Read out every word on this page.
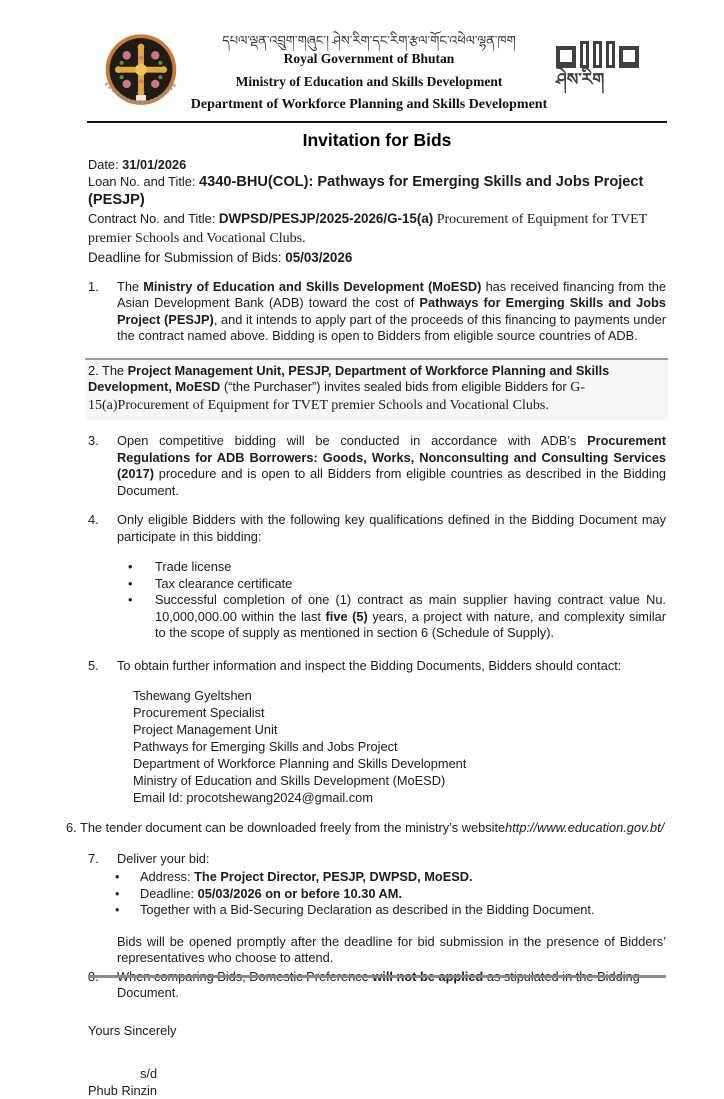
དཔལ་ལྡན་འབྲུག་གཞུང་། ཤེས་རིག་དང་རིག་རྩལ་གོང་འཕེལ་ལྷན་ཁག
Royal Government of Bhutan
Ministry of Education and Skills Development
Department of Workforce Planning and Skills Development
ཤེས་རིག
Invitation for Bids
Date: 31/01/2026
Loan No. and Title: 4340-BHU(COL): Pathways for Emerging Skills and Jobs Project (PESJP)
Contract No. and Title: DWPSD/PESJP/2025-2026/G-15(a) Procurement of Equipment for TVET premier Schools and Vocational Clubs.
Deadline for Submission of Bids: 05/03/2026
1.	The Ministry of Education and Skills Development (MoESD) has received financing from the Asian Development Bank (ADB) toward the cost of Pathways for Emerging Skills and Jobs Project (PESJP), and it intends to apply part of the proceeds of this financing to payments under the contract named above. Bidding is open to Bidders from eligible source countries of ADB.
2. The Project Management Unit, PESJP, Department of Workforce Planning and Skills Development, MoESD (“the Purchaser”) invites sealed bids from eligible Bidders for G-15(a)Procurement of Equipment for TVET premier Schools and Vocational Clubs.
3.	Open competitive bidding will be conducted in accordance with ADB’s Procurement Regulations for ADB Borrowers: Goods, Works, Nonconsulting and Consulting Services (2017) procedure and is open to all Bidders from eligible countries as described in the Bidding Document.
4.	Only eligible Bidders with the following key qualifications defined in the Bidding Document may participate in this bidding:
•	Trade license
•	Tax clearance certificate
•	Successful completion of one (1) contract as main supplier having contract value Nu. 10,000,000.00 within the last five (5) years, a project with nature, and complexity similar to the scope of supply as mentioned in section 6 (Schedule of Supply).
5.	To obtain further information and inspect the Bidding Documents, Bidders should contact:
Tshewang Gyeltshen
Procurement Specialist
Project Management Unit
Pathways for Emerging Skills and Jobs Project
Department of Workforce Planning and Skills Development
Ministry of Education and Skills Development (MoESD)
Email Id: procotshewang2024@gmail.com
6. The tender document can be downloaded freely from the ministry’s websitehttp://www.education.gov.bt/
7.	Deliver your bid:
•	Address: The Project Director, PESJP, DWPSD, MoESD.
•	Deadline: 05/03/2026 on or before 10.30 AM.
•	Together with a Bid-Securing Declaration as described in the Bidding Document.
Bids will be opened promptly after the deadline for bid submission in the presence of Bidders’ representatives who choose to attend.
8.	When comparing Bids, Domestic Preference will not be applied as stipulated in the Bidding Document.
Yours Sincerely
s/d
Phub Rinzin
